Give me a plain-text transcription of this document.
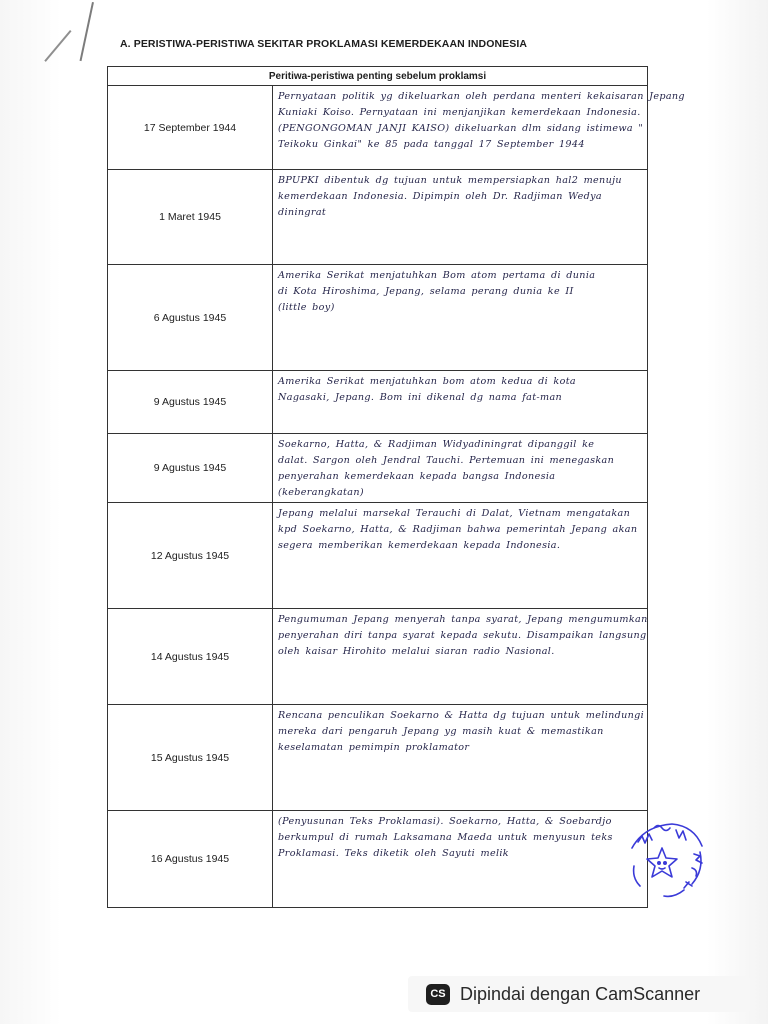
A. PERISTIWA-PERISTIWA SEKITAR PROKLAMASI KEMERDEKAAN INDONESIA
Peritiwa-peristiwa penting sebelum proklamsi	
17 September 1944	Pernyataan politik yg dikeluarkan oleh perdana menteri kekaisaran Jepang
Kuniaki Koiso. Pernyataan ini menjanjikan kemerdekaan Indonesia.
(PENGONGOMAN JANJI KAISO) dikeluarkan dlm sidang istimewa "
Teikoku Ginkai" ke 85 pada tanggal 17 September 1944

1 Maret 1945	BPUPKI dibentuk dg tujuan untuk mempersiapkan hal2 menuju
kemerdekaan Indonesia. Dipimpin oleh Dr. Radjiman Wedya
diningrat

6 Agustus 1945	Amerika Serikat menjatuhkan Bom atom pertama di dunia
di Kota Hiroshima, Jepang, selama perang dunia ke II
(little boy)

9 Agustus 1945	Amerika Serikat menjatuhkan bom atom kedua di kota
Nagasaki, Jepang. Bom ini dikenal dg nama fat-man

9 Agustus 1945	Soekarno, Hatta, & Radjiman Widyadiningrat dipanggil ke
dalat. Sargon oleh Jendral Tauchi. Pertemuan ini menegaskan
penyerahan kemerdekaan kepada bangsa Indonesia
(keberangkatan)

12 Agustus 1945	Jepang melalui marsekal Terauchi di Dalat, Vietnam mengatakan
kpd Soekarno, Hatta, & Radjiman bahwa pemerintah Jepang akan
segera memberikan kemerdekaan kepada Indonesia.

14 Agustus 1945	Pengumuman Jepang menyerah tanpa syarat, Jepang mengumumkan
penyerahan diri tanpa syarat kepada sekutu. Disampaikan langsung
oleh kaisar Hirohito melalui siaran radio Nasional.

15 Agustus 1945	Rencana penculikan Soekarno & Hatta dg tujuan untuk melindungi
mereka dari pengaruh Jepang yg masih kuat & memastikan
keselamatan pemimpin proklamator

16 Agustus 1945	(Penyusunan Teks Proklamasi). Soekarno, Hatta, & Soebardjo
berkumpul di rumah Laksamana Maeda untuk menyusun teks
Proklamasi. Teks diketik oleh Sayuti melik
CS Dipindai dengan CamScanner
